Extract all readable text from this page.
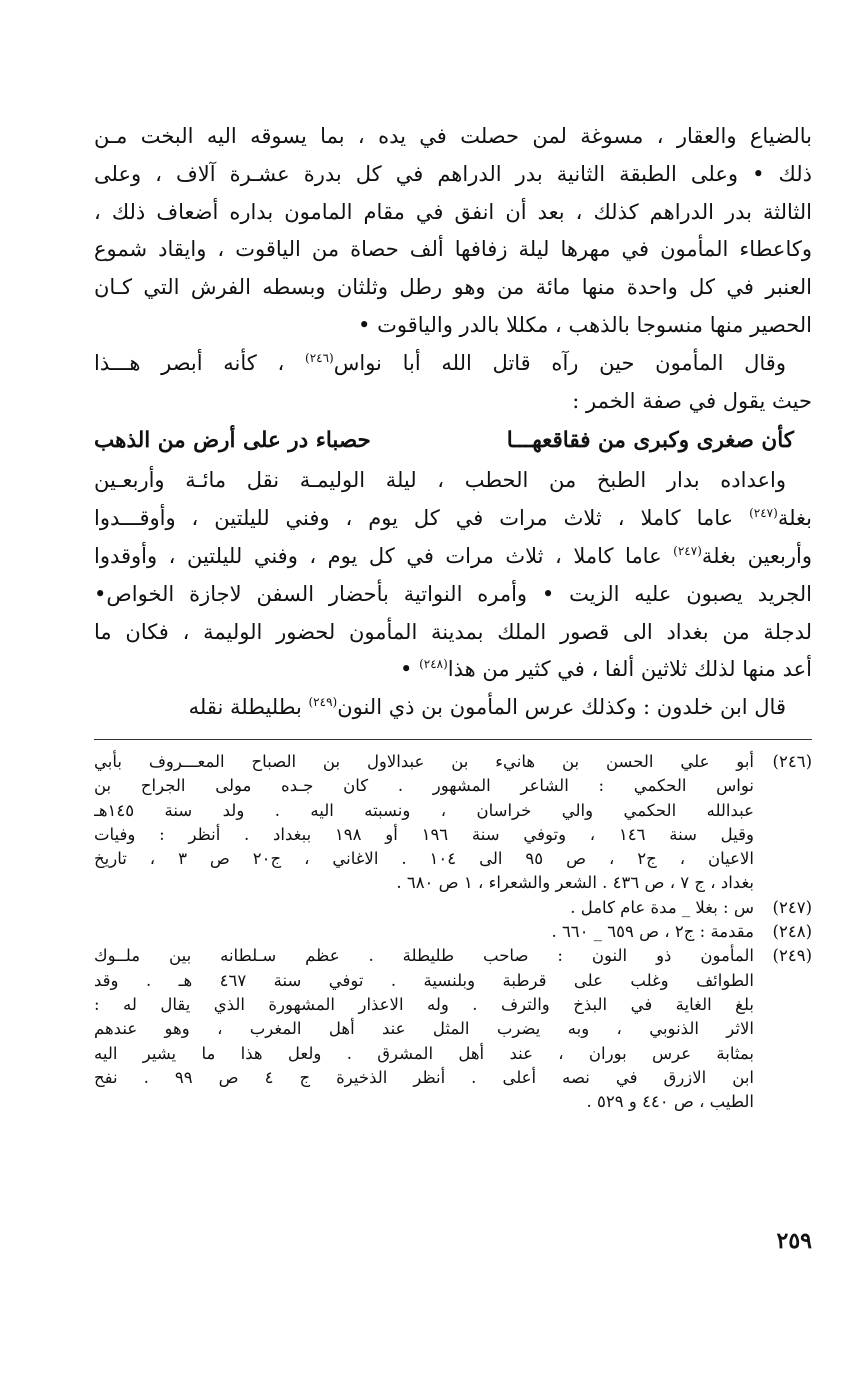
بالضياع والعقار ، مسوغة لمن حصلت في يده ، بما يسوقه اليه البخت مـن
ذلك • وعلى الطبقة الثانية بدر الدراهم في كل بدرة عشـرة آلاف ، وعلى
الثالثة بدر الدراهم كذلك ، بعد أن انفق في مقام المامون بداره أضعاف ذلك ،
وكاعطاء المأمون في مهرها ليلة زفافها ألف حصاة من الياقوت ، وايقاد شموع
العنبر في كل واحدة منها مائة من وهو رطل وثلثان وبسطه الفرش التي كـان
الحصير منها منسوجا بالذهب ، مكللا بالدر والياقوت •
وقال المأمون حين رآه قاتل الله أبا نواس$^{(٢٤٦)}$ ، كأنه أبصر هـــذا
حيث يقول في صفة الخمر :
كأن صغرى وكبرى من فقاقعهـــا
حصباء در على أرض من الذهب
واعداده بدار الطبخ من الحطب ، ليلة الوليمـة نقل مائـة وأربعـين
بغلة$^{(٢٤٧)}$ عاما كاملا ، ثلاث مرات في كل يوم ، وفني لليلتين ، وأوقـــدوا
وأربعين بغلة$^{(٢٤٧)}$ عاما كاملا ، ثلاث مرات في كل يوم ، وفني لليلتين ، وأوقدوا
الجريد يصبون عليه الزيت • وأمره النواتية بأحضار السفن لاجازة الخواص•
لدجلة من بغداد الى قصور الملك بمدينة المأمون لحضور الوليمة ، فكان ما
أعد منها لذلك ثلاثين ألفا ، في كثير من هذا$^{(٢٤٨)}$ •
قال ابن خلدون : وكذلك عرس المأمون بن ذي النون$^{(٢٤٩)}$ بطليطلة نقله
(٢٤٦)
أبو علي الحسن بن هانيء بن عبدالاول بن الصباح المعـــروف بأبي
نواس الحكمي : الشاعر المشهور . كان جـده مولى الجراح بن
عبدالله الحكمي والي خراسان ، ونسبته اليه . ولد سنة ١٤٥هـ
وقيل سنة ١٤٦ ، وتوفي سنة ١٩٦ أو ١٩٨ ببغداد . أنظر : وفيات
الاعيان ، ج٢ ، ص ٩٥ الى ١٠٤ . الاغاني ، ج٢٠ ص ٣ ، تاريخ
بغداد ، ج ٧ ، ص ٤٣٦ . الشعر والشعراء ، ١ ص ٦٨٠ .
(٢٤٧)
س : بغلا _ مدة عام كامل .
(٢٤٨)
مقدمة : ج٢ ، ص ٦٥٩ _ ٦٦٠ .
(٢٤٩)
المأمون ذو النون : صاحب طليطلة . عظم سـلطانه بين ملــوك
الطوائف وغلب على قرطبة وبلنسية . توفي سنة ٤٦٧ هـ . وقد
بلغ الغاية في البذخ والترف . وله الاعذار المشهورة الذي يقال له :
الاثر الذنوبي ، وبه يضرب المثل عند أهل المغرب ، وهو عندهم
بمثابة عرس بوران ، عند أهل المشرق . ولعل هذا ما يشير اليه
ابن الازرق في نصه أعلى . أنظر الذخيرة ج ٤ ص ٩٩ . نفح
الطيب ، ص ٤٤٠ و ٥٢٩ .
٢٥٩
